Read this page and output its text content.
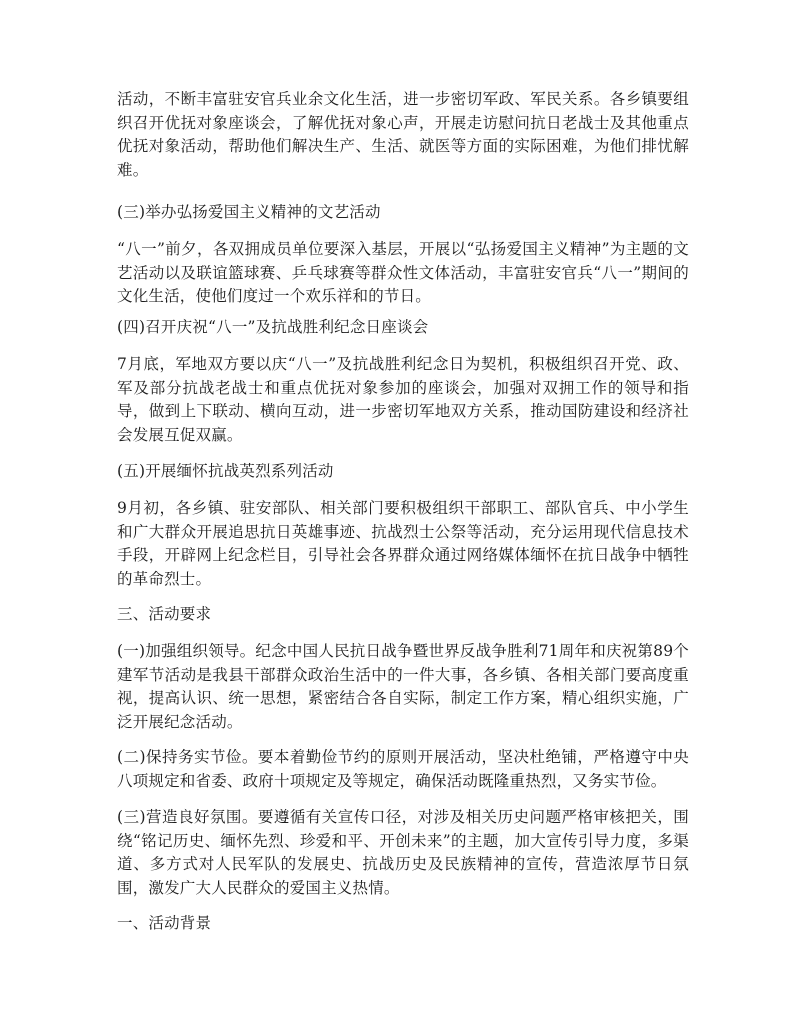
活动，不断丰富驻安官兵业余文化生活，进一步密切军政、军民关系。各乡镇要组织召开优抚对象座谈会，了解优抚对象心声，开展走访慰问抗日老战士及其他重点优抚对象活动，帮助他们解决生产、生活、就医等方面的实际困难，为他们排忧解难。

(三)举办弘扬爱国主义精神的文艺活动

“八一”前夕，各双拥成员单位要深入基层，开展以“弘扬爱国主义精神”为主题的文艺活动以及联谊篮球赛、乒乓球赛等群众性文体活动，丰富驻安官兵“八一”期间的文化生活，使他们度过一个欢乐祥和的节日。

(四)召开庆祝“八一”及抗战胜利纪念日座谈会

7月底，军地双方要以庆“八一”及抗战胜利纪念日为契机，积极组织召开党、政、军及部分抗战老战士和重点优抚对象参加的座谈会，加强对双拥工作的领导和指导，做到上下联动、横向互动，进一步密切军地双方关系，推动国防建设和经济社会发展互促双赢。

(五)开展缅怀抗战英烈系列活动

9月初，各乡镇、驻安部队、相关部门要积极组织干部职工、部队官兵、中小学生和广大群众开展追思抗日英雄事迹、抗战烈士公祭等活动，充分运用现代信息技术手段，开辟网上纪念栏目，引导社会各界群众通过网络媒体缅怀在抗日战争中牺牲的革命烈士。

三、活动要求

(一)加强组织领导。纪念中国人民抗日战争暨世界反战争胜利71周年和庆祝第89个建军节活动是我县干部群众政治生活中的一件大事，各乡镇、各相关部门要高度重视，提高认识、统一思想，紧密结合各自实际，制定工作方案，精心组织实施，广泛开展纪念活动。

(二)保持务实节俭。要本着勤俭节约的原则开展活动，坚决杜绝铺，严格遵守中央八项规定和省委、政府十项规定及等规定，确保活动既隆重热烈，又务实节俭。

(三)营造良好氛围。要遵循有关宣传口径，对涉及相关历史问题严格审核把关，围绕“铭记历史、缅怀先烈、珍爱和平、开创未来”的主题，加大宣传引导力度，多渠道、多方式对人民军队的发展史、抗战历史及民族精神的宣传，营造浓厚节日氛围，激发广大人民群众的爱国主义热情。

一、活动背景
